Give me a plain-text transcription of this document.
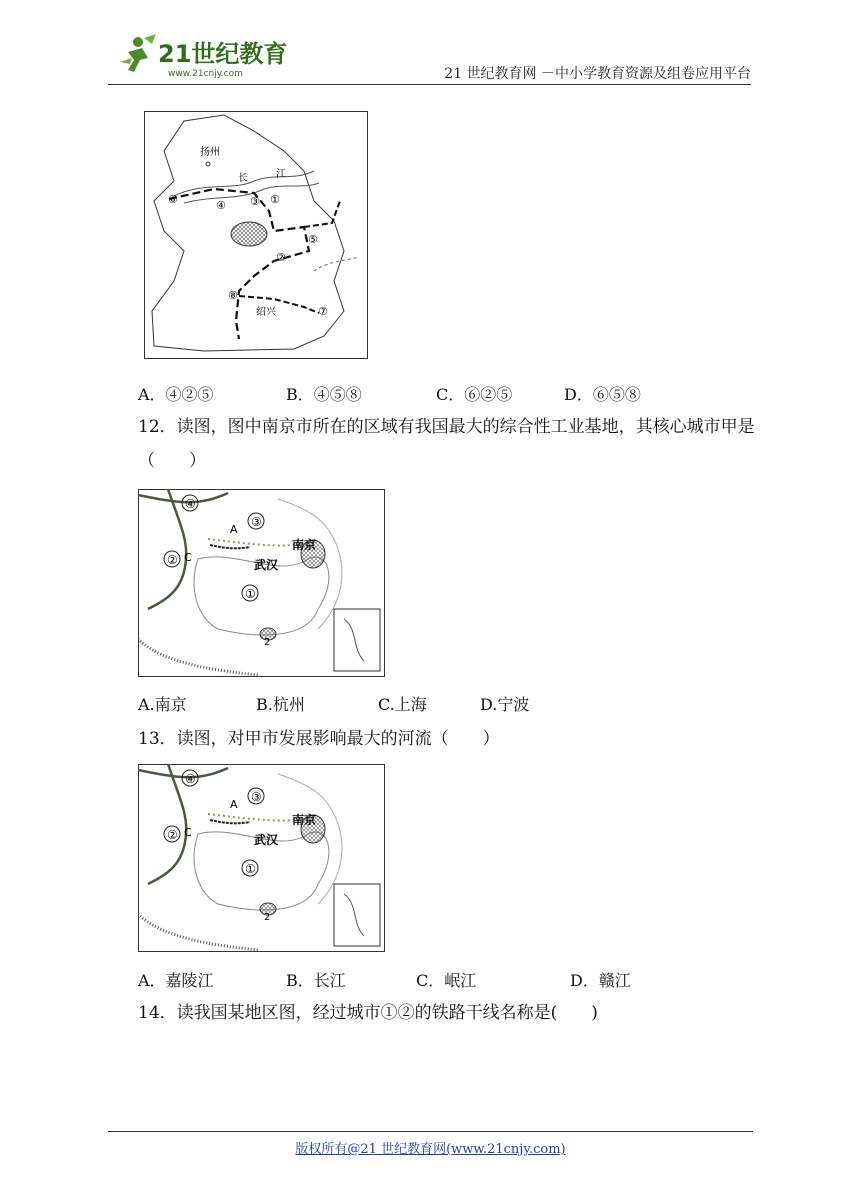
21世纪教育
www.21cnjy.com	21 世纪教育网 －中小学教育资源及组卷应用平台
扬州
长	江
绍兴
①
②
③
④
⑤
⑥
⑦
⑧
A．④②⑤	B．④⑤⑧	C．⑥②⑤	D．⑥⑤⑧
12．读图，图中南京市所在的区域有我国最大的综合性工业基地，其核心城市甲是（　　）
④
③
②
①
A
C
南京
武汉
2
A.南京	B.杭州	C.上海	D.宁波
13．读图，对甲市发展影响最大的河流（　　）
④
③
②
①
A
C
南京
武汉
2
A．嘉陵江	B．长江	C．岷江	D．赣江
14．读我国某地区图，经过城市①②的铁路干线名称是(　　)
版权所有@21 世纪教育网(www.21cnjy.com)
